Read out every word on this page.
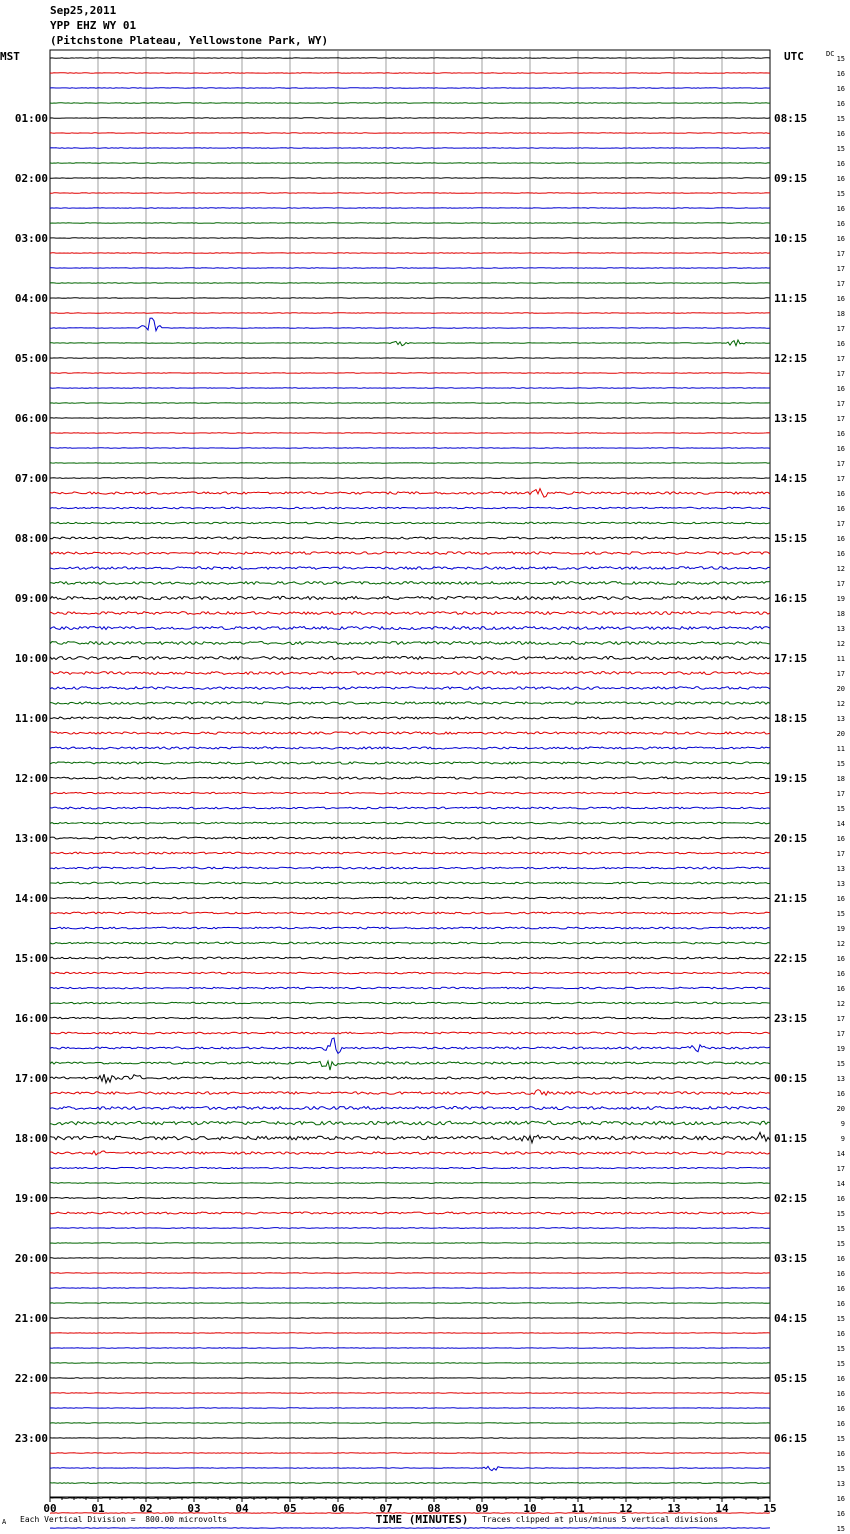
Sep25,2011
YPP EHZ WY 01
(Pitchstone Plateau, Yellowstone Park, WY)
01:00
02:00
03:00
04:00
05:00
06:00
07:00
08:00
09:00
10:00
11:00
12:00
13:00
14:00
15:00
16:00
17:00
18:00
19:00
20:00
21:00
22:00
23:00
08:15
09:15
10:15
11:15
12:15
13:15
14:15
15:15
16:15
17:15
18:15
19:15
20:15
21:15
22:15
23:15
00:15
01:15
02:15
03:15
04:15
05:15
06:15
15
16
16
16
15
16
15
16
16
15
16
16
16
17
17
17
16
18
17
16
17
17
16
17
17
16
16
17
17
16
16
17
16
16
12
17
19
18
13
12
11
17
20
12
13
20
11
15
18
17
15
14
16
17
13
13
16
15
19
12
16
16
16
12
17
17
19
15
13
16
20
9
9
14
17
14
16
15
15
15
16
16
16
16
15
16
15
15
16
16
16
16
15
16
15
13
16
16
15
MST	UTC	DC
00	01	02	03	04	05	06	07	08	09	10	11	12	13	14	15
TIME (MINUTES)
A Each Vertical Division =  800.00 microvolts	Traces clipped at plus/minus 5 vertical divisions
